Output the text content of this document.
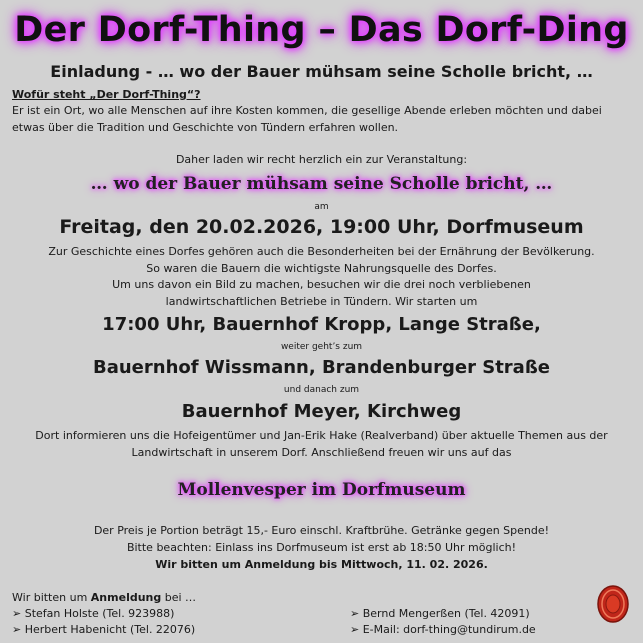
Der Dorf-Thing – Das Dorf-Ding
Einladung - … wo der Bauer mühsam seine Scholle bricht, …
Wofür steht „Der Dorf-Thing“?
Er ist ein Ort, wo alle Menschen auf ihre Kosten kommen, die gesellige Abende erleben möchten und dabei etwas über die Tradition und Geschichte von Tündern erfahren wollen.
Daher laden wir recht herzlich ein zur Veranstaltung:
… wo der Bauer mühsam seine Scholle bricht, …
am
Freitag, den 20.02.2026, 19:00 Uhr, Dorfmuseum
Zur Geschichte eines Dorfes gehören auch die Besonderheiten bei der Ernährung der Bevölkerung.
So waren die Bauern die wichtigste Nahrungsquelle des Dorfes.
Um uns davon ein Bild zu machen, besuchen wir die drei noch verbliebenen
landwirtschaftlichen Betriebe in Tündern. Wir starten um
17:00 Uhr, Bauernhof Kropp, Lange Straße,
weiter geht’s zum
Bauernhof Wissmann, Brandenburger Straße
und danach zum
Bauernhof Meyer, Kirchweg
Dort informieren uns die Hofeigentümer und Jan-Erik Hake (Realverband) über aktuelle Themen aus der
Landwirtschaft in unserem Dorf. Anschließend freuen wir uns auf das
Mollenvesper im Dorfmuseum
Der Preis je Portion beträgt 15,- Euro einschl. Kraftbrühe. Getränke gegen Spende!
Bitte beachten: Einlass ins Dorfmuseum ist erst ab 18:50 Uhr möglich!
Wir bitten um Anmeldung bis Mittwoch, 11. 02. 2026.
Wir bitten um Anmeldung bei …
➢ Stefan Holste (Tel. 923988)
➢ Herbert Habenicht (Tel. 22076)
➢ Bernd Mengerßen (Tel. 42091)
➢ E-Mail: dorf-thing@tundirum.de
